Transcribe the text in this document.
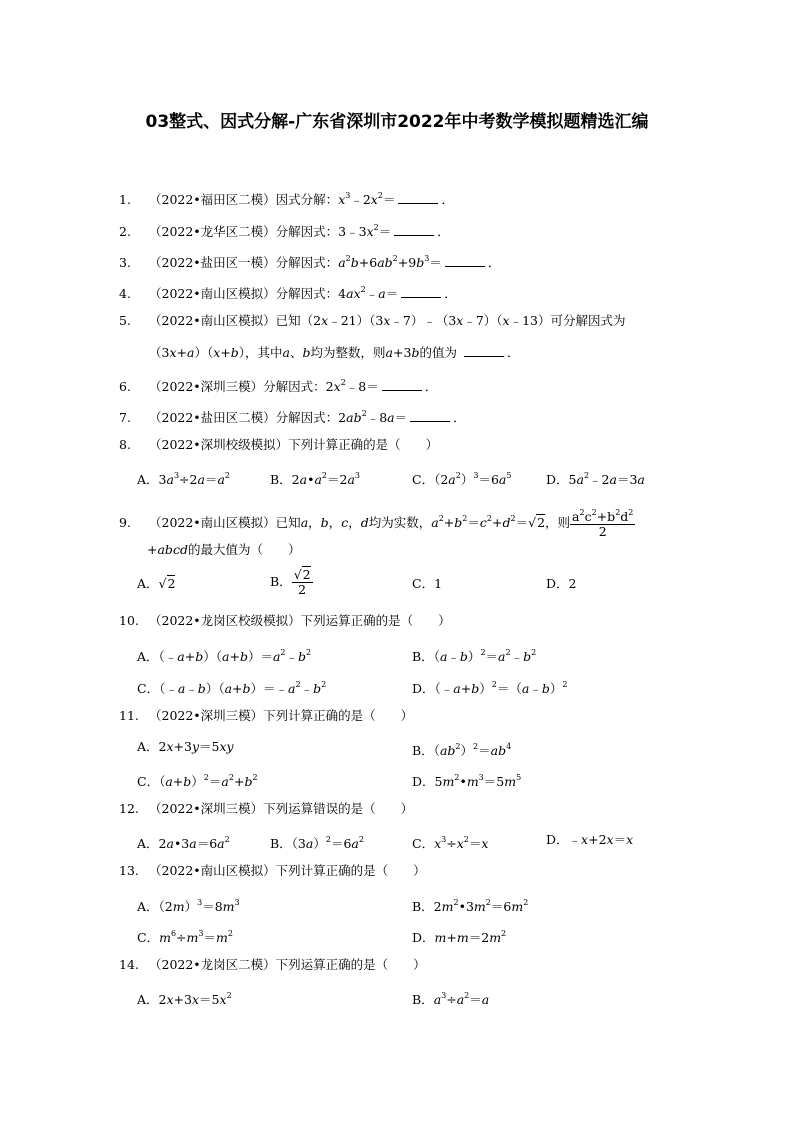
03整式、因式分解-广东省深圳市2022年中考数学模拟题精选汇编
1. （2022•福田区二模）因式分解：$x^3﹣2x^2=$	．
2. （2022•龙华区二模）分解因式：$3﹣3x^2=$	．
3. （2022•盐田区一模）分解因式：$a^2b+6ab^2+9b^3=$	．
4. （2022•南山区模拟）分解因式：$4ax^2﹣a=$	．
5. （2022•南山区模拟）已知（2x﹣21）（3x﹣7）﹣（3x﹣7）（x﹣13）可分解因式为
（3x+a）（x+b），其中a、b均为整数，则a+3b的值为	．
6. （2022•深圳三模）分解因式：$2x^2﹣8=$	．
7. （2022•盐田区二模）分解因式：$2ab^2﹣8a=$	．
8. （2022•深圳校级模拟）下列计算正确的是（　　）
A．$3a^3\div 2a=a^2$	B．$2a•a^2=2a^3$	C．$(2a^2)^3=6a^5$	D．$5a^2﹣2a=3a$
9. （2022•南山区模拟）已知a，b，c，d均为实数，$a^2+b^2=c^2+d^2=√2$，则 $\frac{a^2c^2+b^2d^2}{2}$
+abcd的最大值为（　　）
A．√2	B． $\frac{√2}{2}$	C．1	D．2
10. （2022•龙岗区校级模拟）下列运算正确的是（　　）
A．$(﹣a+b)(a+b)=a^2﹣b^2$	B．$(a﹣b)^2=a^2﹣b^2$
C．$(﹣a﹣b)(a+b)=﹣a^2﹣b^2$	D．（﹣a+b）$^2$＝（a﹣b）$^2$
11. （2022•深圳三模）下列计算正确的是（　　）
A．2x+3y＝5xy	B．$(ab^2)^2=ab^4$
C．$(a+b)^2=a^2+b^2$	D．$5m^2•m^3=5m^5$
12. （2022•深圳三模）下列运算错误的是（　　）
A．$2a•3a=6a^2$	B．$(3a)^2=6a^2$	C．$x^3\div x^2=x$	D．﹣x+2x＝x
13. （2022•南山区模拟）下列计算正确的是（　　）
A．$(2m)^3=8m^3$	B．$2m^2•3m^2=6m^2$
C．$m^6\div m^3=m^2$	D．$m+m=2m^2$
14. （2022•龙岗区二模）下列运算正确的是（　　）
A．$2x+3x=5x^2$	B．$a^3\div a^2=a$
